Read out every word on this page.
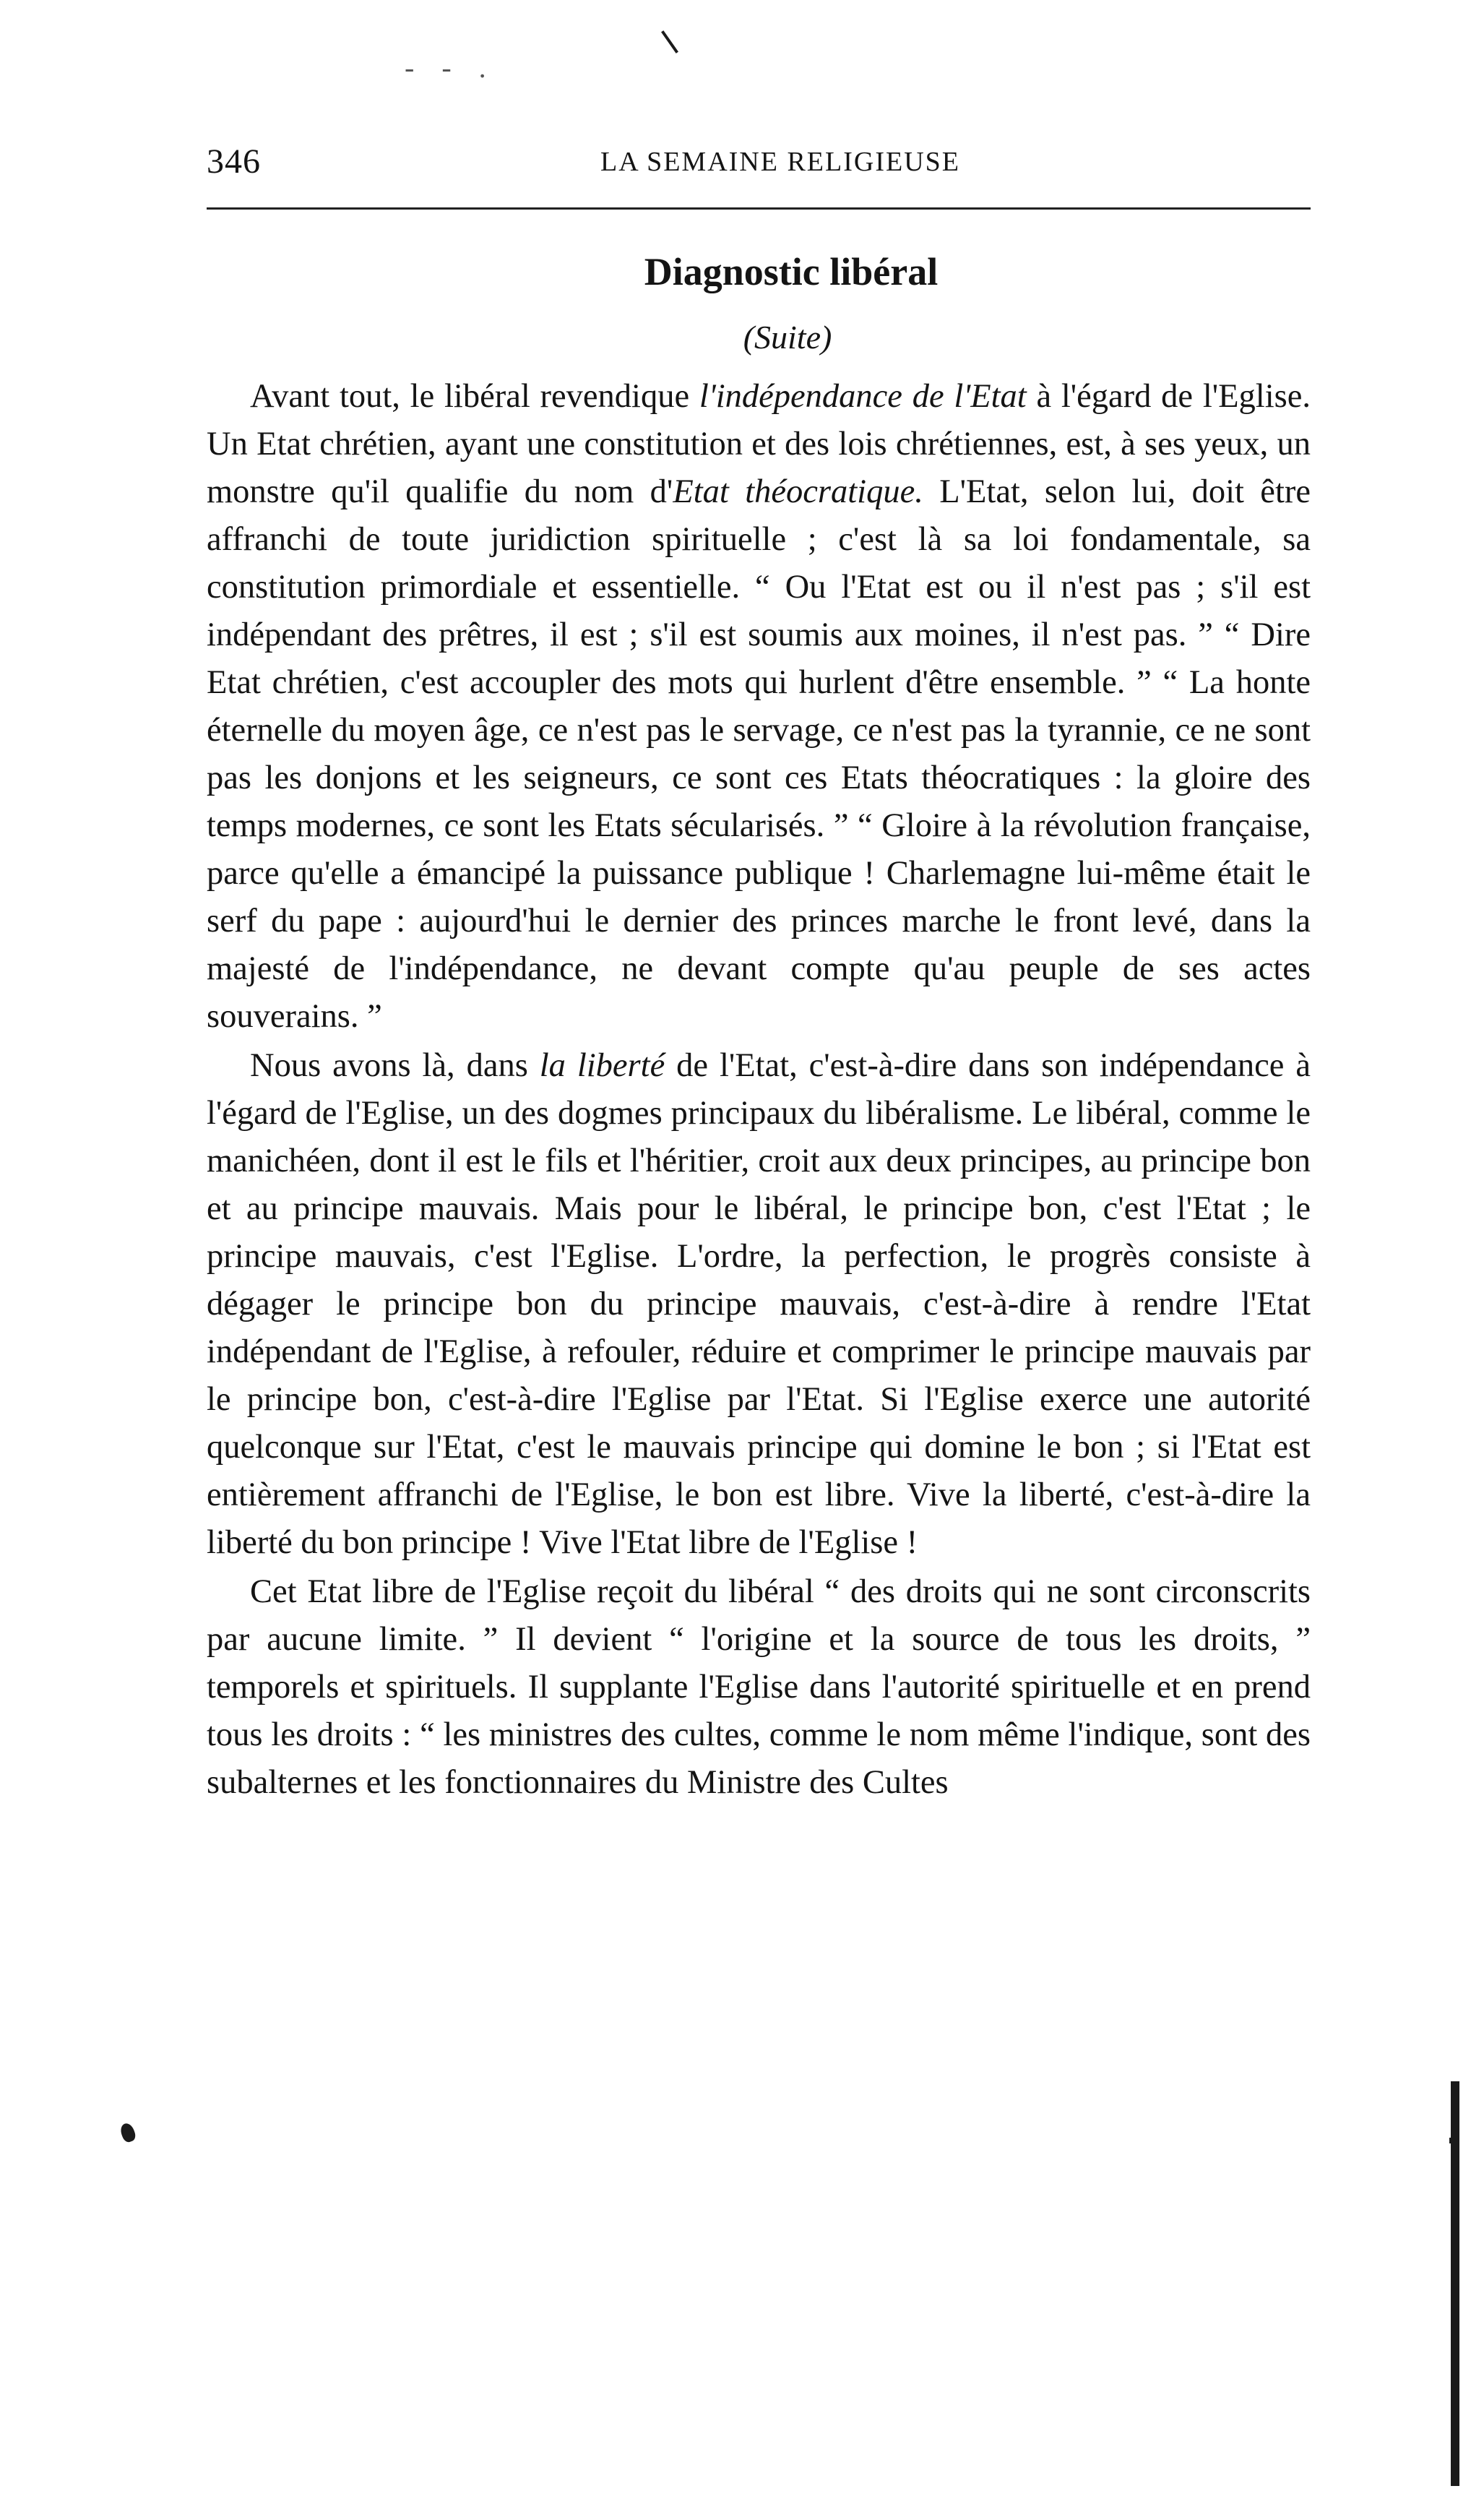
- - .
346	LA SEMAINE RELIGIEUSE
Diagnostic libéral
(Suite)

Avant tout, le libéral revendique l'indépendance de l'Etat à l'égard de l'Eglise. Un Etat chrétien, ayant une constitution et des lois chrétiennes, est, à ses yeux, un monstre qu'il qualifie du nom d'Etat théocratique. L'Etat, selon lui, doit être affranchi de toute juridiction spirituelle ; c'est là sa loi fondamentale, sa constitution primordiale et essentielle. “ Ou l'Etat est ou il n'est pas ; s'il est indépendant des prêtres, il est ; s'il est soumis aux moines, il n'est pas. ” “ Dire Etat chrétien, c'est accoupler des mots qui hurlent d'être ensemble. ” “ La honte éternelle du moyen âge, ce n'est pas le servage, ce n'est pas la tyrannie, ce ne sont pas les donjons et les seigneurs, ce sont ces Etats théocratiques : la gloire des temps modernes, ce sont les Etats sécularisés. ” “ Gloire à la révolution française, parce qu'elle a émancipé la puissance publique ! Charlemagne lui-même était le serf du pape : aujourd'hui le dernier des princes marche le front levé, dans la majesté de l'indépendance, ne devant compte qu'au peuple de ses actes souverains. ”

Nous avons là, dans la liberté de l'Etat, c'est-à-dire dans son indépendance à l'égard de l'Eglise, un des dogmes principaux du libéralisme. Le libéral, comme le manichéen, dont il est le fils et l'héritier, croit aux deux principes, au principe bon et au principe mauvais. Mais pour le libéral, le principe bon, c'est l'Etat ; le principe mauvais, c'est l'Eglise. L'ordre, la perfection, le progrès consiste à dégager le principe bon du principe mauvais, c'est-à-dire à rendre l'Etat indépendant de l'Eglise, à refouler, réduire et comprimer le principe mauvais par le principe bon, c'est-à-dire l'Eglise par l'Etat. Si l'Eglise exerce une autorité quelconque sur l'Etat, c'est le mauvais principe qui domine le bon ; si l'Etat est entièrement affranchi de l'Eglise, le bon est libre. Vive la liberté, c'est-à-dire la liberté du bon principe ! Vive l'Etat libre de l'Eglise !

Cet Etat libre de l'Eglise reçoit du libéral “ des droits qui ne sont circonscrits par aucune limite. ” Il devient “ l'origine et la source de tous les droits, ” temporels et spirituels. Il supplante l'Eglise dans l'autorité spirituelle et en prend tous les droits : “ les ministres des cultes, comme le nom même l'indique, sont des subalternes et les fonctionnaires du Ministre des Cultes
